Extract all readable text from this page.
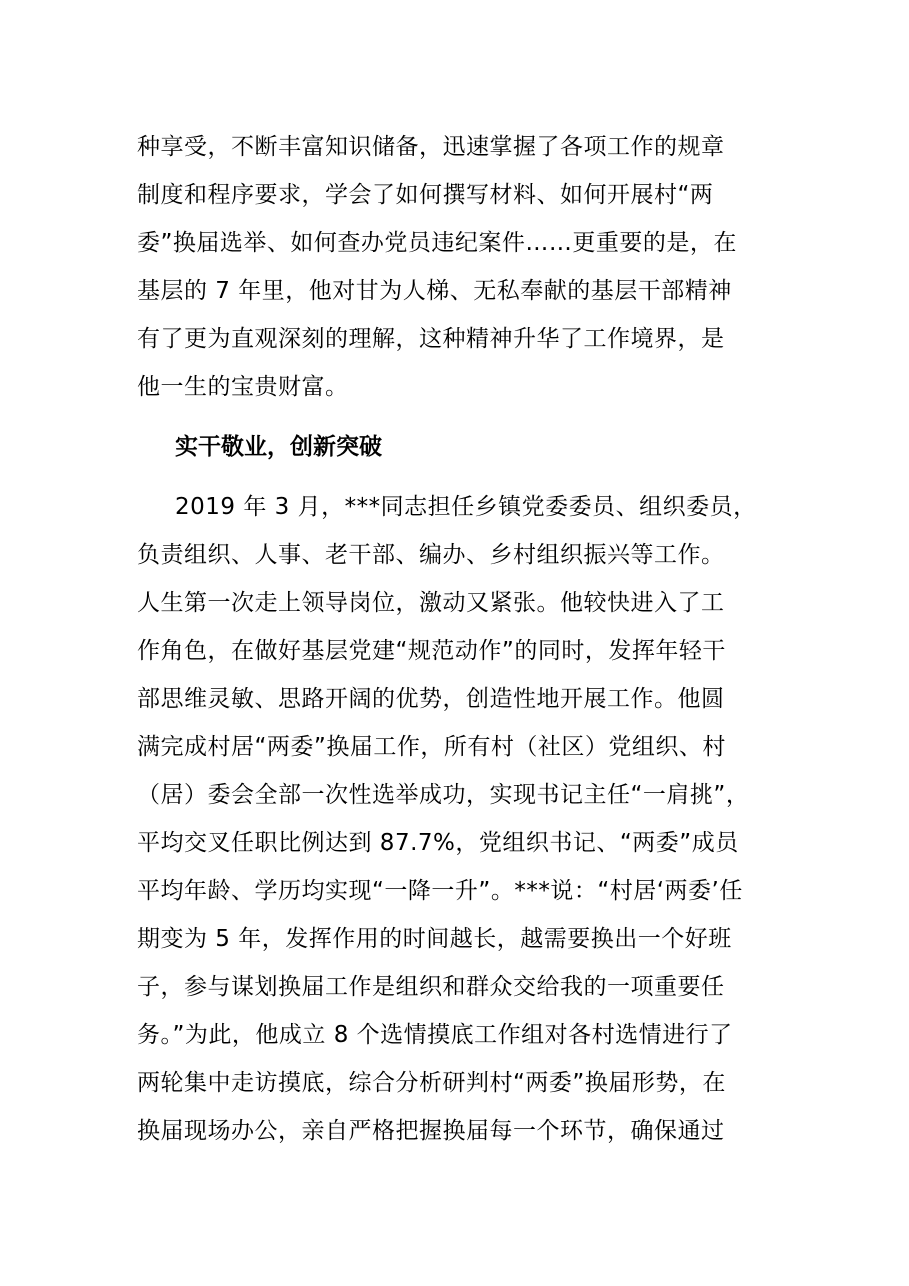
种享受，不断丰富知识储备，迅速掌握了各项工作的规章
制度和程序要求，学会了如何撰写材料、如何开展村“两
委”换届选举、如何查办党员违纪案件……更重要的是，在
基层的 7 年里，他对甘为人梯、无私奉献的基层干部精神
有了更为直观深刻的理解，这种精神升华了工作境界，是
他一生的宝贵财富。
实干敬业，创新突破
2019 年 3 月，***同志担任乡镇党委委员、组织委员，
负责组织、人事、老干部、编办、乡村组织振兴等工作。
人生第一次走上领导岗位，激动又紧张。他较快进入了工
作角色，在做好基层党建“规范动作”的同时，发挥年轻干
部思维灵敏、思路开阔的优势，创造性地开展工作。他圆
满完成村居“两委”换届工作，所有村（社区）党组织、村
（居）委会全部一次性选举成功，实现书记主任“一肩挑”，
平均交叉任职比例达到 87.7%，党组织书记、“两委”成员
平均年龄、学历均实现“一降一升”。***说：“村居‘两委’任
期变为 5 年，发挥作用的时间越长，越需要换出一个好班
子，参与谋划换届工作是组织和群众交给我的一项重要任
务。”为此，他成立 8 个选情摸底工作组对各村选情进行了
两轮集中走访摸底，综合分析研判村“两委”换届形势，在
换届现场办公，亲自严格把握换届每一个环节，确保通过
